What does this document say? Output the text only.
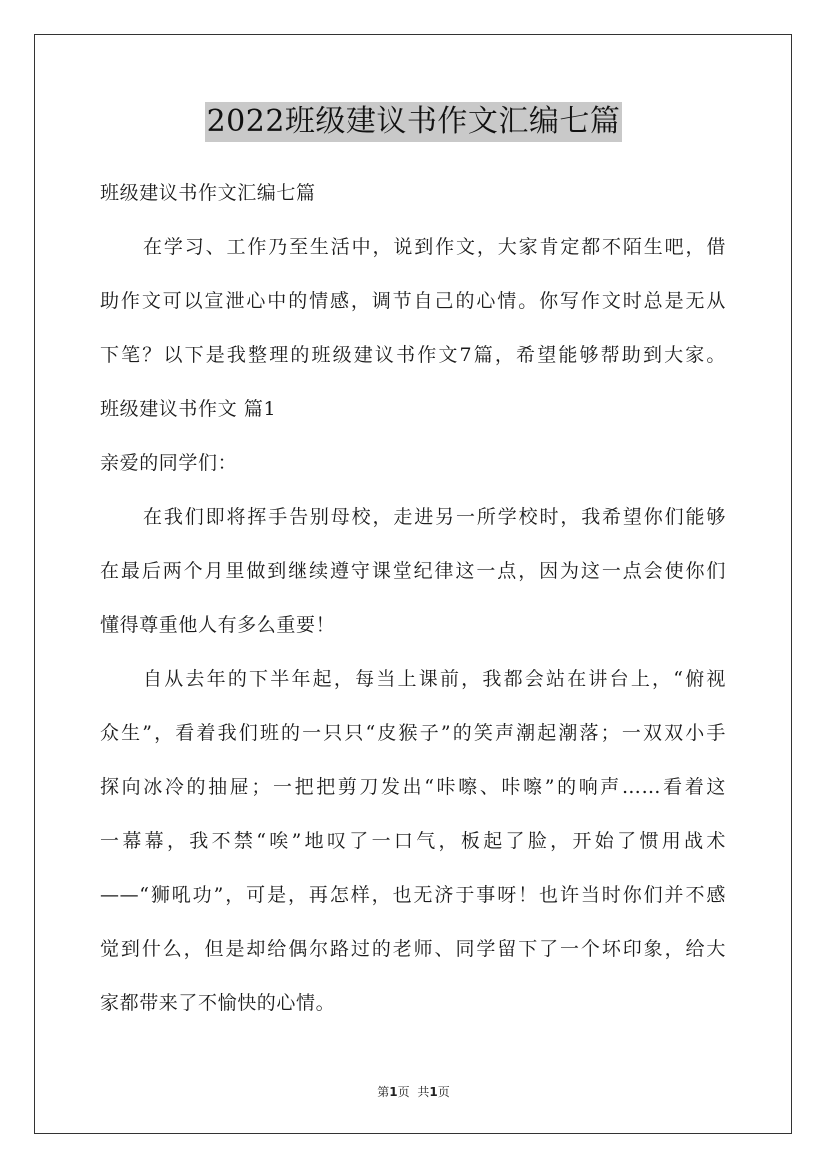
2022班级建议书作文汇编七篇
班级建议书作文汇编七篇
在学习、工作乃至生活中，说到作文，大家肯定都不陌生吧，借
助作文可以宣泄心中的情感，调节自己的心情。你写作文时总是无从
下笔？以下是我整理的班级建议书作文7篇，希望能够帮助到大家。
班级建议书作文 篇1
亲爱的同学们：
在我们即将挥手告别母校，走进另一所学校时，我希望你们能够
在最后两个月里做到继续遵守课堂纪律这一点，因为这一点会使你们
懂得尊重他人有多么重要！
自从去年的下半年起，每当上课前，我都会站在讲台上，“俯视
众生”，看着我们班的一只只“皮猴子”的笑声潮起潮落；一双双小手
探向冰冷的抽屉；一把把剪刀发出“咔嚓、咔嚓”的响声……看着这
一幕幕，我不禁“唉”地叹了一口气，板起了脸，开始了惯用战术
——“狮吼功”，可是，再怎样，也无济于事呀！也许当时你们并不感
觉到什么，但是却给偶尔路过的老师、同学留下了一个坏印象，给大
家都带来了不愉快的心情。
第1页 共1页
